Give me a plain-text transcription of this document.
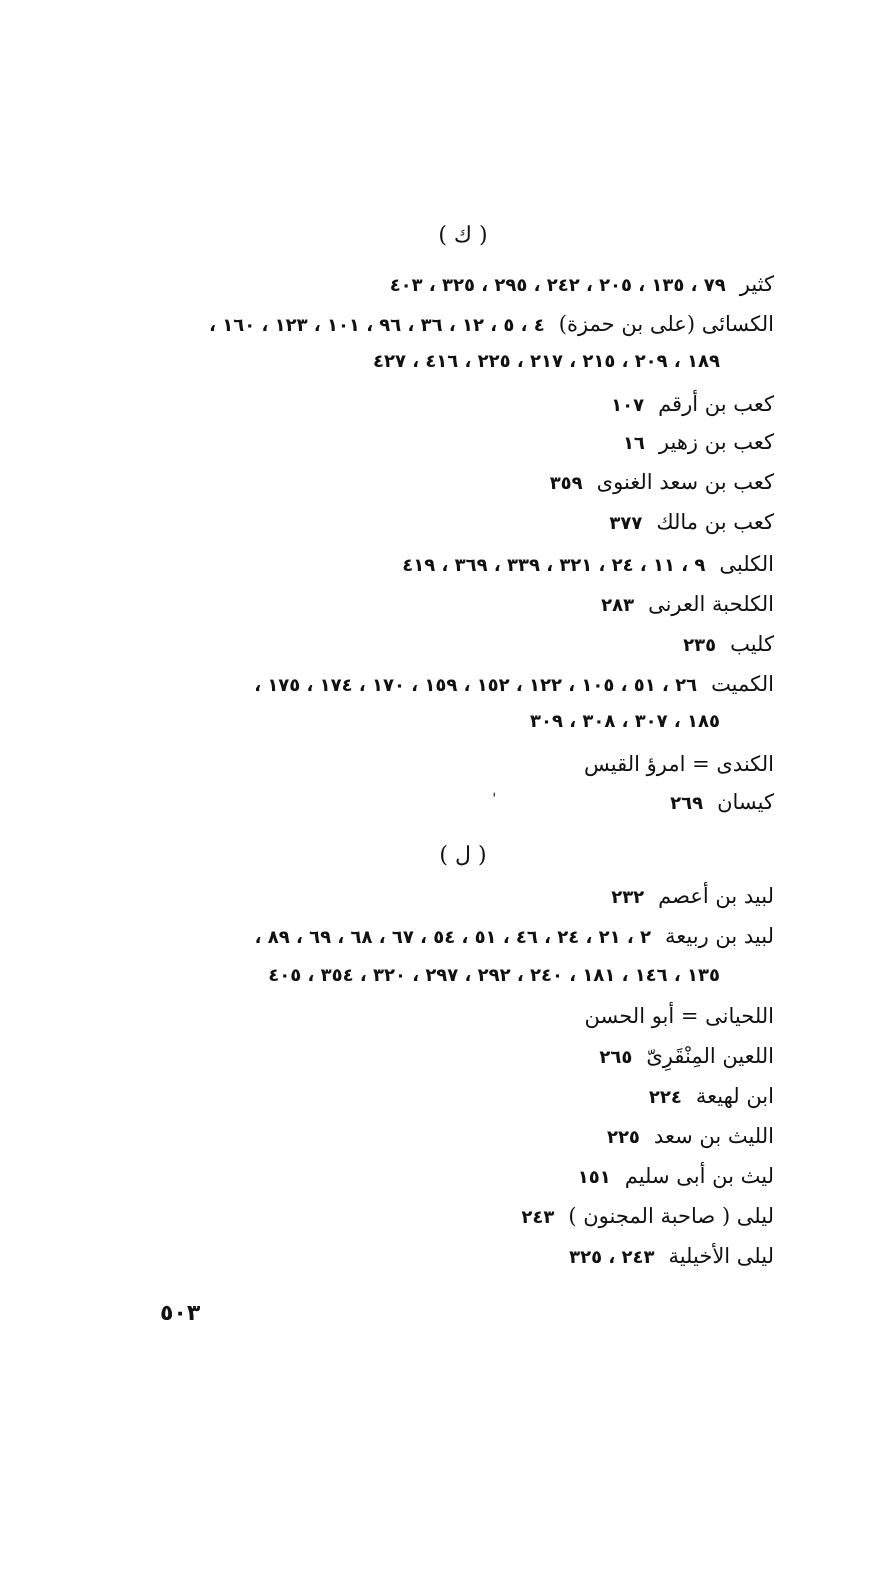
( ك )
كثير٧٩ ، ١٣٥ ، ٢٠٥ ، ٢٤٢ ، ٢٩٥ ، ٣٢٥ ، ٤٠٣
الكسائى (على بن حمزة)٤ ، ٥ ، ١٢ ، ٣٦ ، ٩٦ ، ١٠١ ، ١٢٣ ، ١٦٠ ،
١٨٩ ، ٢٠٩ ، ٢١٥ ، ٢١٧ ، ٢٢٥ ، ٤١٦ ، ٤٢٧
كعب بن أرقم١٠٧
كعب بن زهير١٦
كعب بن سعد الغنوى٣٥٩
كعب بن مالك٣٧٧
الكلبى٩ ، ١١ ، ٢٤ ، ٣٢١ ، ٣٣٩ ، ٣٦٩ ، ٤١٩
الكلحبة العرنى٢٨٣
كليب٢٣٥
الكميت٢٦ ، ٥١ ، ١٠٥ ، ١٢٢ ، ١٥٢ ، ١٥٩ ، ١٧٠ ، ١٧٤ ، ١٧٥ ،
١٨٥ ، ٣٠٧ ، ٣٠٨ ، ٣٠٩
الكندى = امرؤ القيس
كيسان٢٦٩
ˈ
( ل )
لبيد بن أعصم٢٣٢
لبيد بن ربيعة٢ ، ٢١ ، ٢٤ ، ٤٦ ، ٥١ ، ٥٤ ، ٦٧ ، ٦٨ ، ٦٩ ، ٨٩ ،
١٣٥ ، ١٤٦ ، ١٨١ ، ٢٤٠ ، ٢٩٢ ، ٢٩٧ ، ٣٢٠ ، ٣٥٤ ، ٤٠٥
اللحيانى = أبو الحسن
اللعين المِنْقَرِىّ٢٦٥
ابن لهيعة٢٢٤
الليث بن سعد٢٢٥
ليث بن أبى سليم١٥١
ليلى ( صاحبة المجنون )٢٤٣
ليلى الأخيلية٢٤٣ ، ٣٢٥
٥٠٣
